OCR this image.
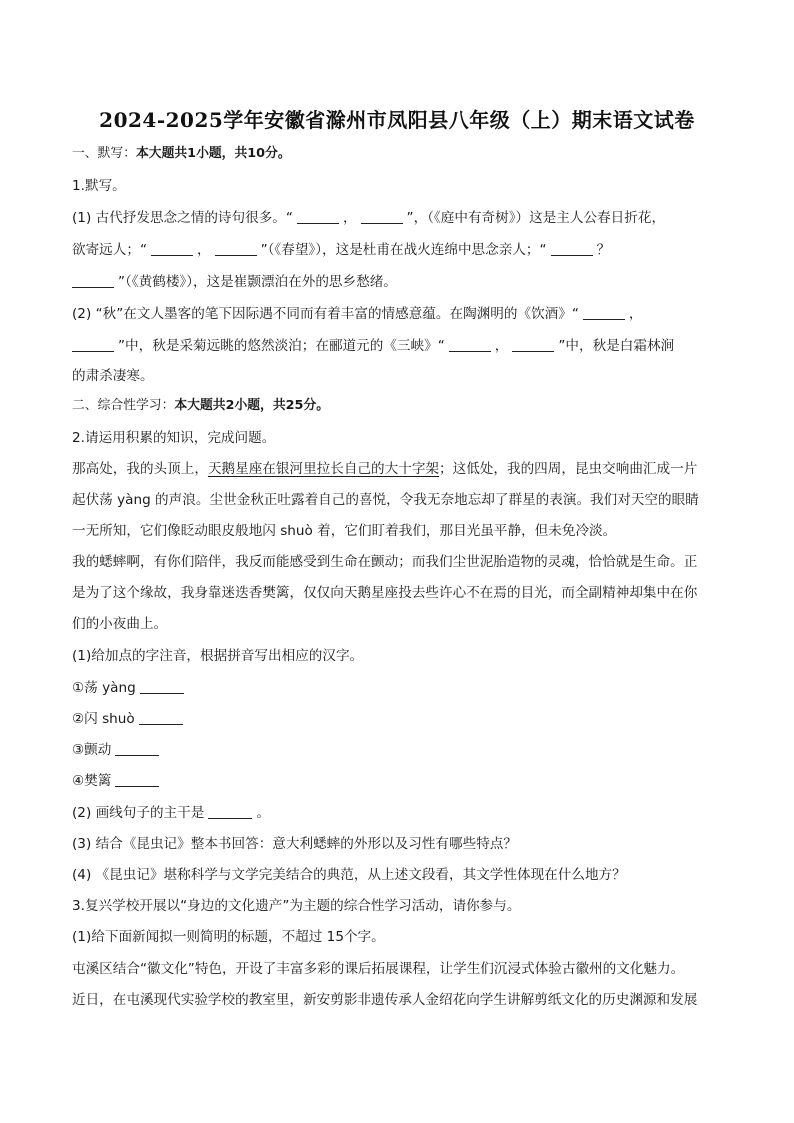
2024-2025学年安徽省滁州市凤阳县八年级（上）期末语文试卷
一、默写：本大题共1小题，共10分。
1.默写。
(1) 古代抒发思念之情的诗句很多。“	，	”，（《庭中有奇树》）这是主人公春日折花，
欲寄远人；“	，	”（《春望》），这是杜甫在战火连绵中思念亲人；“	？
”（《黄鹤楼》），这是崔颢漂泊在外的思乡愁绪。
(2) “秋”在文人墨客的笔下因际遇不同而有着丰富的情感意蕴。在陶渊明的《饮酒》“	，
”中，秋是采菊远眺的悠然淡泊；在郦道元的《三峡》“	，	”中，秋是白霜林涧
的肃杀凄寒。
二、综合性学习：本大题共2小题，共25分。
2.请运用积累的知识，完成问题。
那高处，我的头顶上，天鹅星座在银河里拉长自己的大十字架；这低处，我的四周，昆虫交响曲汇成一片
起伏荡 yàng 的声浪。尘世金秋正吐露着自己的喜悦，令我无奈地忘却了群星的表演。我们对天空的眼睛
一无所知，它们像眨动眼皮般地闪 shuò 着，它们盯着我们，那目光虽平静，但未免冷淡。
我的蟋蟀啊，有你们陪伴，我反而能感受到生命在颤动；而我们尘世泥胎造物的灵魂，恰恰就是生命。正
是为了这个缘故，我身靠迷迭香樊篱，仅仅向天鹅星座投去些许心不在焉的目光，而全副精神却集中在你
们的小夜曲上。
(1)给加点的字注音，根据拼音写出相应的汉字。
①荡 yàng
②闪 shuò
③颤动
④樊篱
(2) 画线句子的主干是	。
(3) 结合《昆虫记》整本书回答：意大利蟋蟀的外形以及习性有哪些特点？
(4) 《昆虫记》堪称科学与文学完美结合的典范，从上述文段看，其文学性体现在什么地方？
3.复兴学校开展以“身边的文化遗产”为主题的综合性学习活动，请你参与。
(1)给下面新闻拟一则简明的标题，不超过 15个字。
屯溪区结合“徽文化”特色，开设了丰富多彩的课后拓展课程，让学生们沉浸式体验古徽州的文化魅力。
近日，在屯溪现代实验学校的教室里，新安剪影非遗传承人金绍花向学生讲解剪纸文化的历史渊源和发展
